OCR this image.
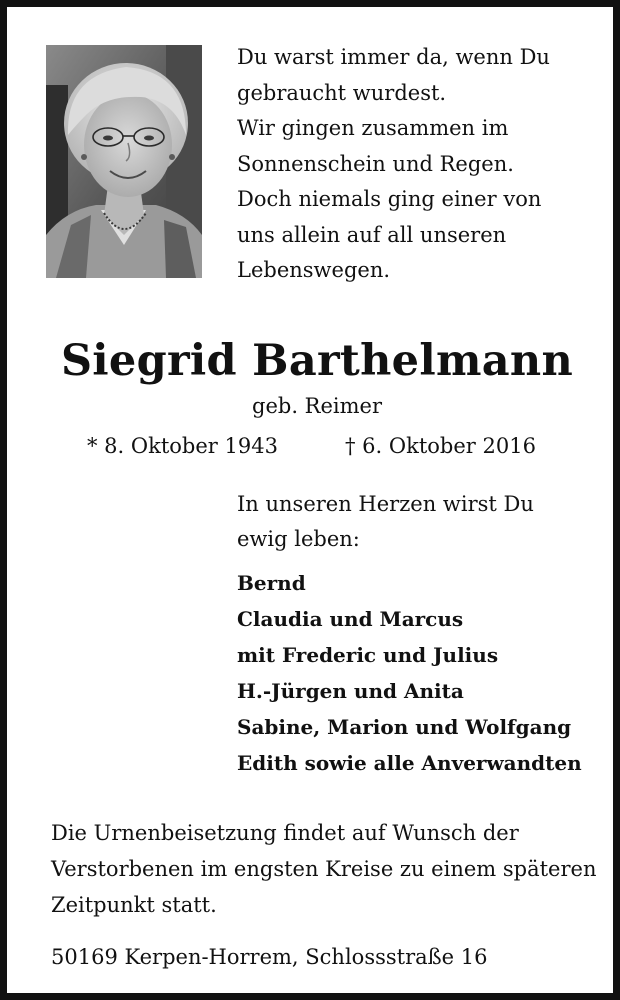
Du warst immer da, wenn Du
gebraucht wurdest.
Wir gingen zusammen im
Sonnenschein und Regen.
Doch niemals ging einer von
uns allein auf all unseren
Lebenswegen.
Siegrid Barthelmann
geb. Reimer
* 8. Oktober 1943	† 6. Oktober 2016
In unseren Herzen wirst Du
ewig leben:
Bernd
Claudia und Marcus
mit Frederic und Julius
H.-Jürgen und Anita
Sabine, Marion und Wolfgang
Edith sowie alle Anverwandten
Die Urnenbeisetzung findet auf Wunsch der
Verstorbenen im engsten Kreise zu einem späteren
Zeitpunkt statt.
50169 Kerpen-Horrem, Schlossstraße 16
